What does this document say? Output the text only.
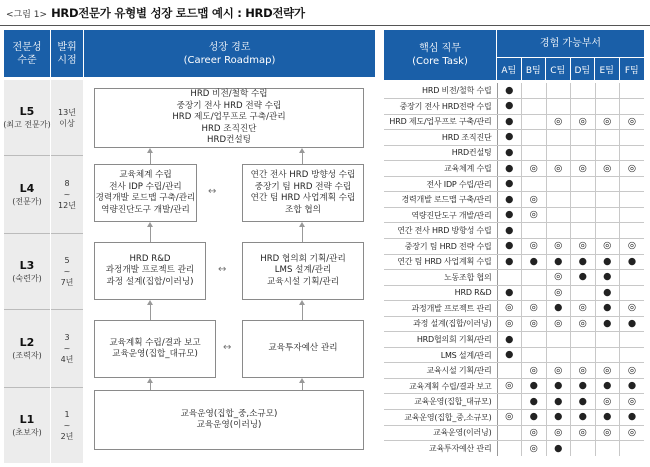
<그림 1> HRD전문가 유형별 성장 로드맵 예시 : HRD전략가
전문성
수준
발휘
시점
성장 경로
(Career Roadmap)
핵심 직무
(Core Task)
경험 가능부서
A팀	B팀	C팀	D팀	E팀	F팀
L5
(최고 전문가)
L4
(전문가)
L3
(숙련가)
L2
(조력자)
L1
(초보자)
13년
이상
8
~
12년
5
~
7년
3
~
4년
1
~
2년
HRD 비전/철학 수립
중장기 전사 HRD 전략 수립
HRD 제도/업무프로 구축/관리
HRD 조직진단
HRD컨설팅
교육체계 수립
전사 IDP 수립/관리
경력개발 로드맵 구축/관리
역량진단도구 개발/관리
연간 전사 HRD 방향성 수립
중장기 팀 HRD 전략 수립
연간 팀 HRD 사업계획 수립
조합 협의
HRD R&D
과정개발 프로젝트 관리
과정 설계(집합/이러닝)
HRD 협의회 기획/관리
LMS 설계/관리
교육시설 기획/관리
교육계획 수립/결과 보고
교육운영(집합_대규모)
교육투자예산 관리
교육운영(집합_중,소규모)
교육운영(이러닝)
↔
↔
↔
HRD 비전/철학 수립	●					
중장기 전사 HRD전략 수립	●					
HRD 제도/업무프로 구축/관리	●		◎	◎	◎	◎
HRD 조직진단	●					
HRD컨설팅	●					
교육체계 수립	●	◎	◎	◎	◎	◎
전사 IDP 수립/관리	●					
경력개발 로드맵 구축/관리	●	◎				
역량진단도구 개발/관리	●	◎				
연간 전사 HRD 방향성 수립	●					
중장기 팀 HRD 전략 수립	●	◎	◎	◎	◎	◎
연간 팀 HRD 사업계획 수립	●	●	●	●	●	●
노동조합 협의			◎	●	●	
HRD R&D	●		◎		●	
과정개발 프로젝트 관리	◎	◎	●	◎	●	◎
과정 설계(집합/이러닝)	◎	◎	◎	◎	●	●
HRD협의회 기획/관리	●					
LMS 설계/관리	●					
교육시설 기획/관리		◎	◎	◎	◎	◎
교육계획 수립/결과 보고	◎	●	●	●	●	●
교육운영(집합_대규모)		●	●	●	◎	◎
교육운영(집합_중,소규모)	◎	●	●	●	●	●
교육운영(이러닝)		◎	◎	◎	◎	◎
교육투자예산 관리		◎	●			
